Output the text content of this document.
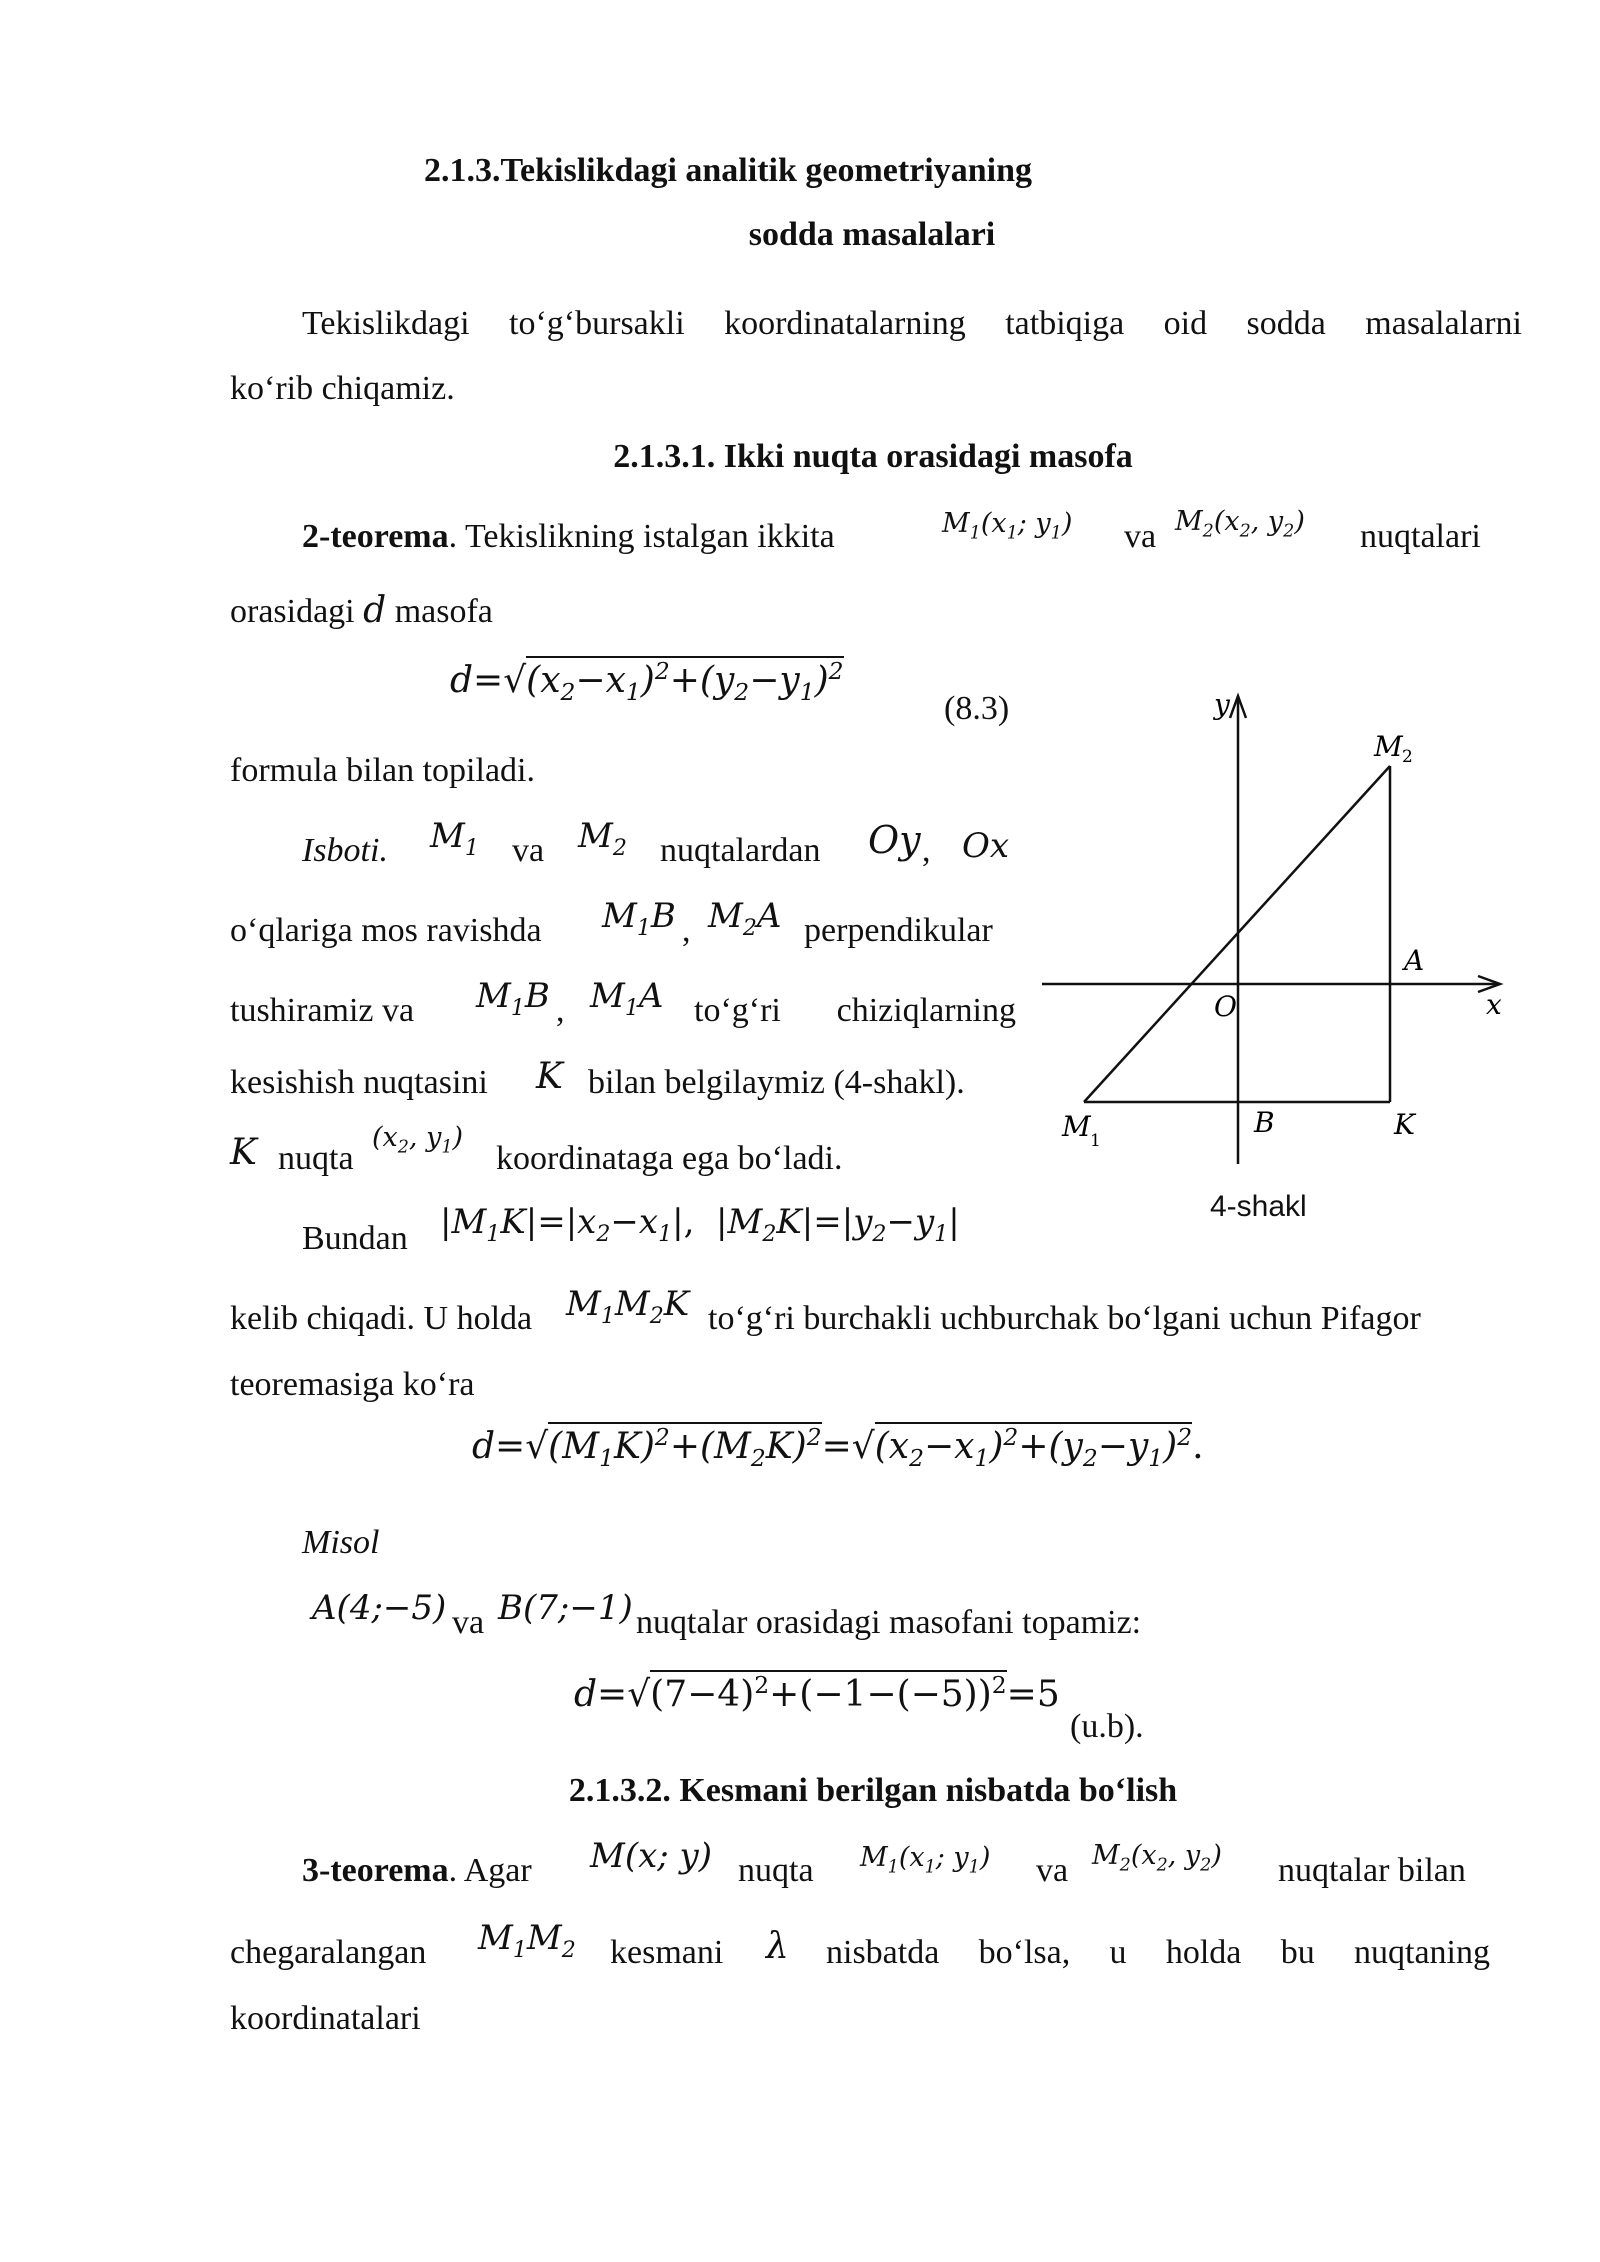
2.1.3.Tekislikdagi analitik geometriyaning
sodda masalalari
Tekislikdagi to‘g‘bursakli koordinatalarning tatbiqiga oid sodda masalalarni
ko‘rib chiqamiz.
2.1.3.1. Ikki nuqta orasidagi masofa
2-teorema. Tekislikning istalgan ikkita	$M_1(x_1$; $y_1$) va $M_2(x_2$, $y_2$) nuqtalari
orasidagi d masofa
$d=√(x_2-x_1)^2+(y_2-y_1)^2$
(8.3)
formula bilan topiladi.
Isboti. $M_1$ va $M_2$ nuqtalardan Oy , Ox
o‘qlariga mos ravishda $M_1B$ , $M_2A$ perpendikular
tushiramiz va	$M_1B$ , $M_1A$ to‘g‘ri chiziqlarning
kesishish nuqtasini K bilan belgilaymiz (4-shakl).
K nuqta
($x_2$, $y_1$)
koordinataga ega bo‘ladi.
Bundan $|M_1K|=|x_2-x_1|$,  $|M_2K|=|y_2-y_1|$
kelib chiqadi. U holda $M_1M_2K$ to‘g‘ri burchakli uchburchak bo‘lgani uchun Pifagor
teoremasiga ko‘ra
$d=√(M_1K)^2+(M_2K)^2=√(x_2-x_1)^2+(y_2-y_1)^2$.
Misol
A(4;−5) va B(7;−1) nuqtalar orasidagi masofani topamiz:
$d=√(7-4)^2+(-1-(-5))^2=5$
(u.b).
2.1.3.2. Kesmani berilgan nisbatda bo‘lish
3-teorema. Agar M(x; y) nuqta $M_1(x_1$; $y_1$) va $M_2(x_2$, $y_2$) nuqtalar bilan
chegaralangan $M_1M_2$ kesmani λ nisbatda bo‘lsa, u holda bu nuqtaning
koordinatalari
y
x
O
A
B	K
M 1
M 2
4-shakl
